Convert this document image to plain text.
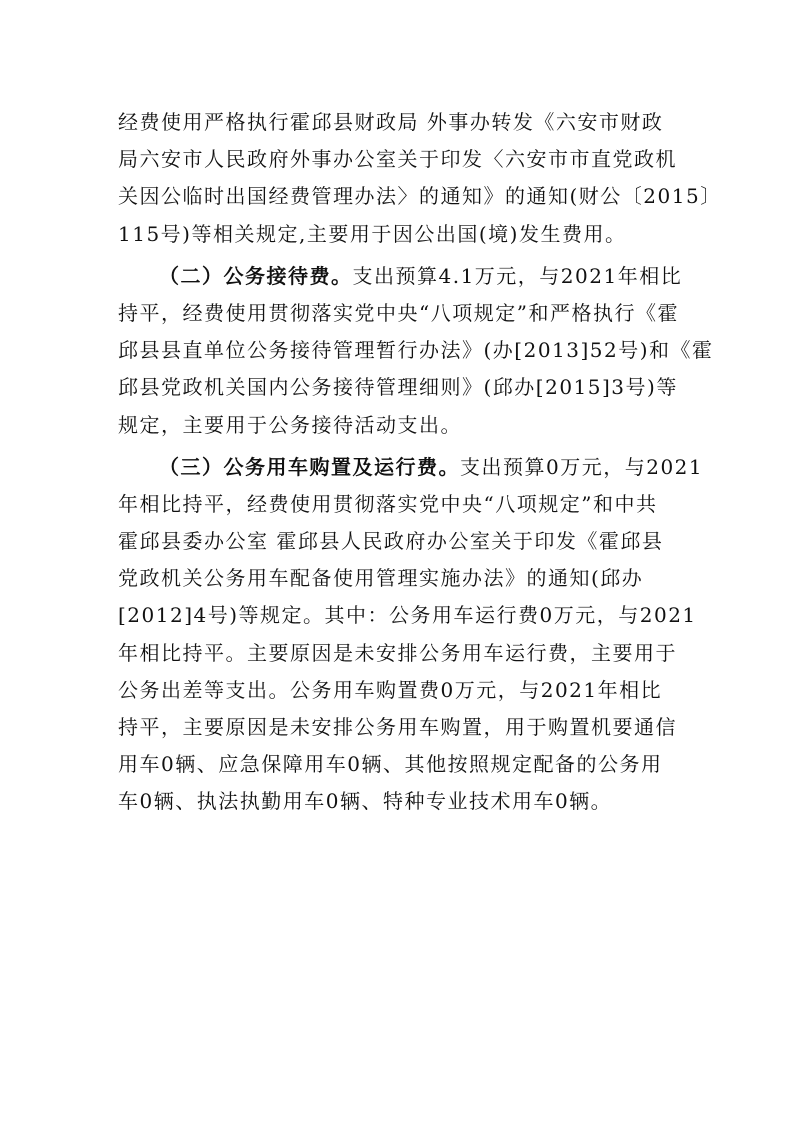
经费使用严格执行霍邱县财政局 外事办转发《六安市财政
局六安市人民政府外事办公室关于印发〈六安市市直党政机
关因公临时出国经费管理办法〉的通知》的通知(财公〔2015〕
115号)等相关规定,主要用于因公出国(境)发生费用。
（二）公务接待费。支出预算4.1万元，与2021年相比
持平，经费使用贯彻落实党中央“八项规定”和严格执行《霍
邱县县直单位公务接待管理暂行办法》(办[2013]52号)和《霍
邱县党政机关国内公务接待管理细则》(邱办[2015]3号)等
规定，主要用于公务接待活动支出。
（三）公务用车购置及运行费。支出预算0万元，与2021
年相比持平，经费使用贯彻落实党中央“八项规定”和中共
霍邱县委办公室 霍邱县人民政府办公室关于印发《霍邱县
党政机关公务用车配备使用管理实施办法》的通知(邱办
[2012]4号)等规定。其中：公务用车运行费0万元，与2021
年相比持平。主要原因是未安排公务用车运行费，主要用于
公务出差等支出。公务用车购置费0万元，与2021年相比
持平，主要原因是未安排公务用车购置，用于购置机要通信
用车0辆、应急保障用车0辆、其他按照规定配备的公务用
车0辆、执法执勤用车0辆、特种专业技术用车0辆。
